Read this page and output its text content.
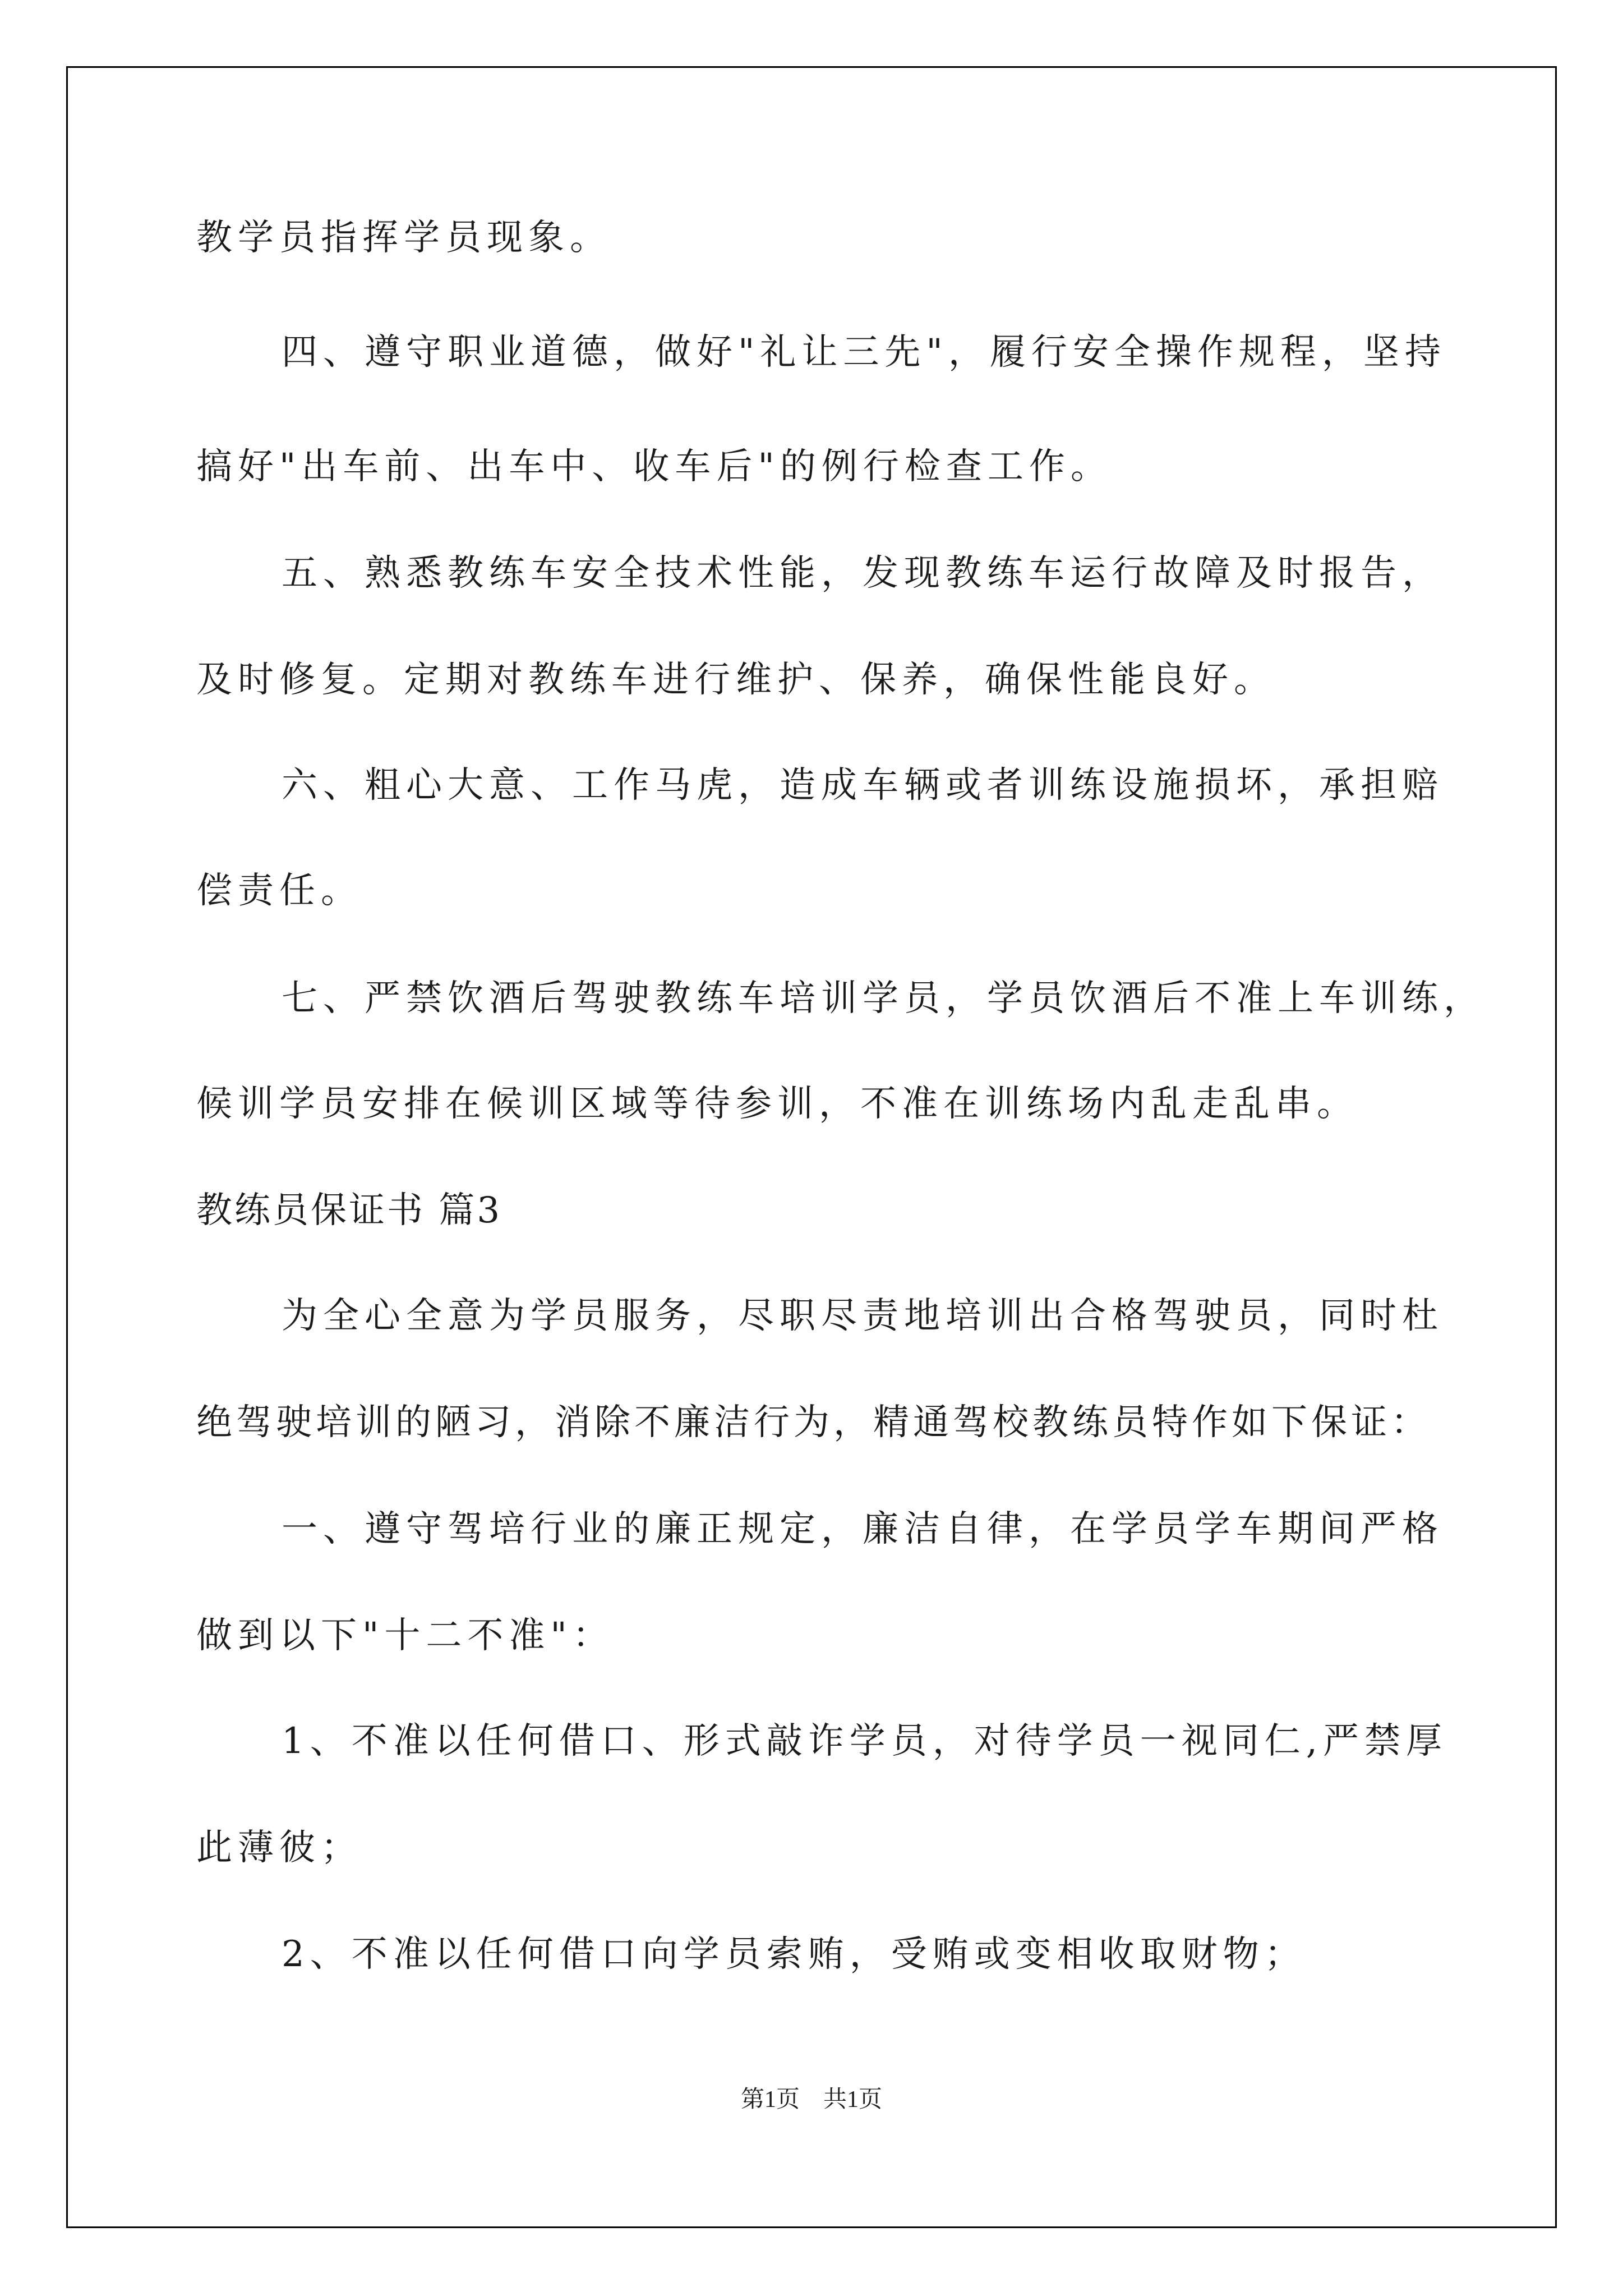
教学员指挥学员现象。
四、遵守职业道德，做好"礼让三先"，履行安全操作规程，坚持
搞好"出车前、出车中、收车后"的例行检查工作。
五、熟悉教练车安全技术性能，发现教练车运行故障及时报告，
及时修复。定期对教练车进行维护、保养，确保性能良好。
六、粗心大意、工作马虎，造成车辆或者训练设施损坏，承担赔
偿责任。
七、严禁饮酒后驾驶教练车培训学员，学员饮酒后不准上车训练，
候训学员安排在候训区域等待参训，不准在训练场内乱走乱串。
教练员保证书 篇3
为全心全意为学员服务，尽职尽责地培训出合格驾驶员，同时杜
绝驾驶培训的陋习，消除不廉洁行为，精通驾校教练员特作如下保证：
一、遵守驾培行业的廉正规定，廉洁自律，在学员学车期间严格
做到以下"十二不准"：
1、不准以任何借口、形式敲诈学员，对待学员一视同仁,严禁厚
此薄彼；
2、不准以任何借口向学员索贿，受贿或变相收取财物；
第1页　共1页
